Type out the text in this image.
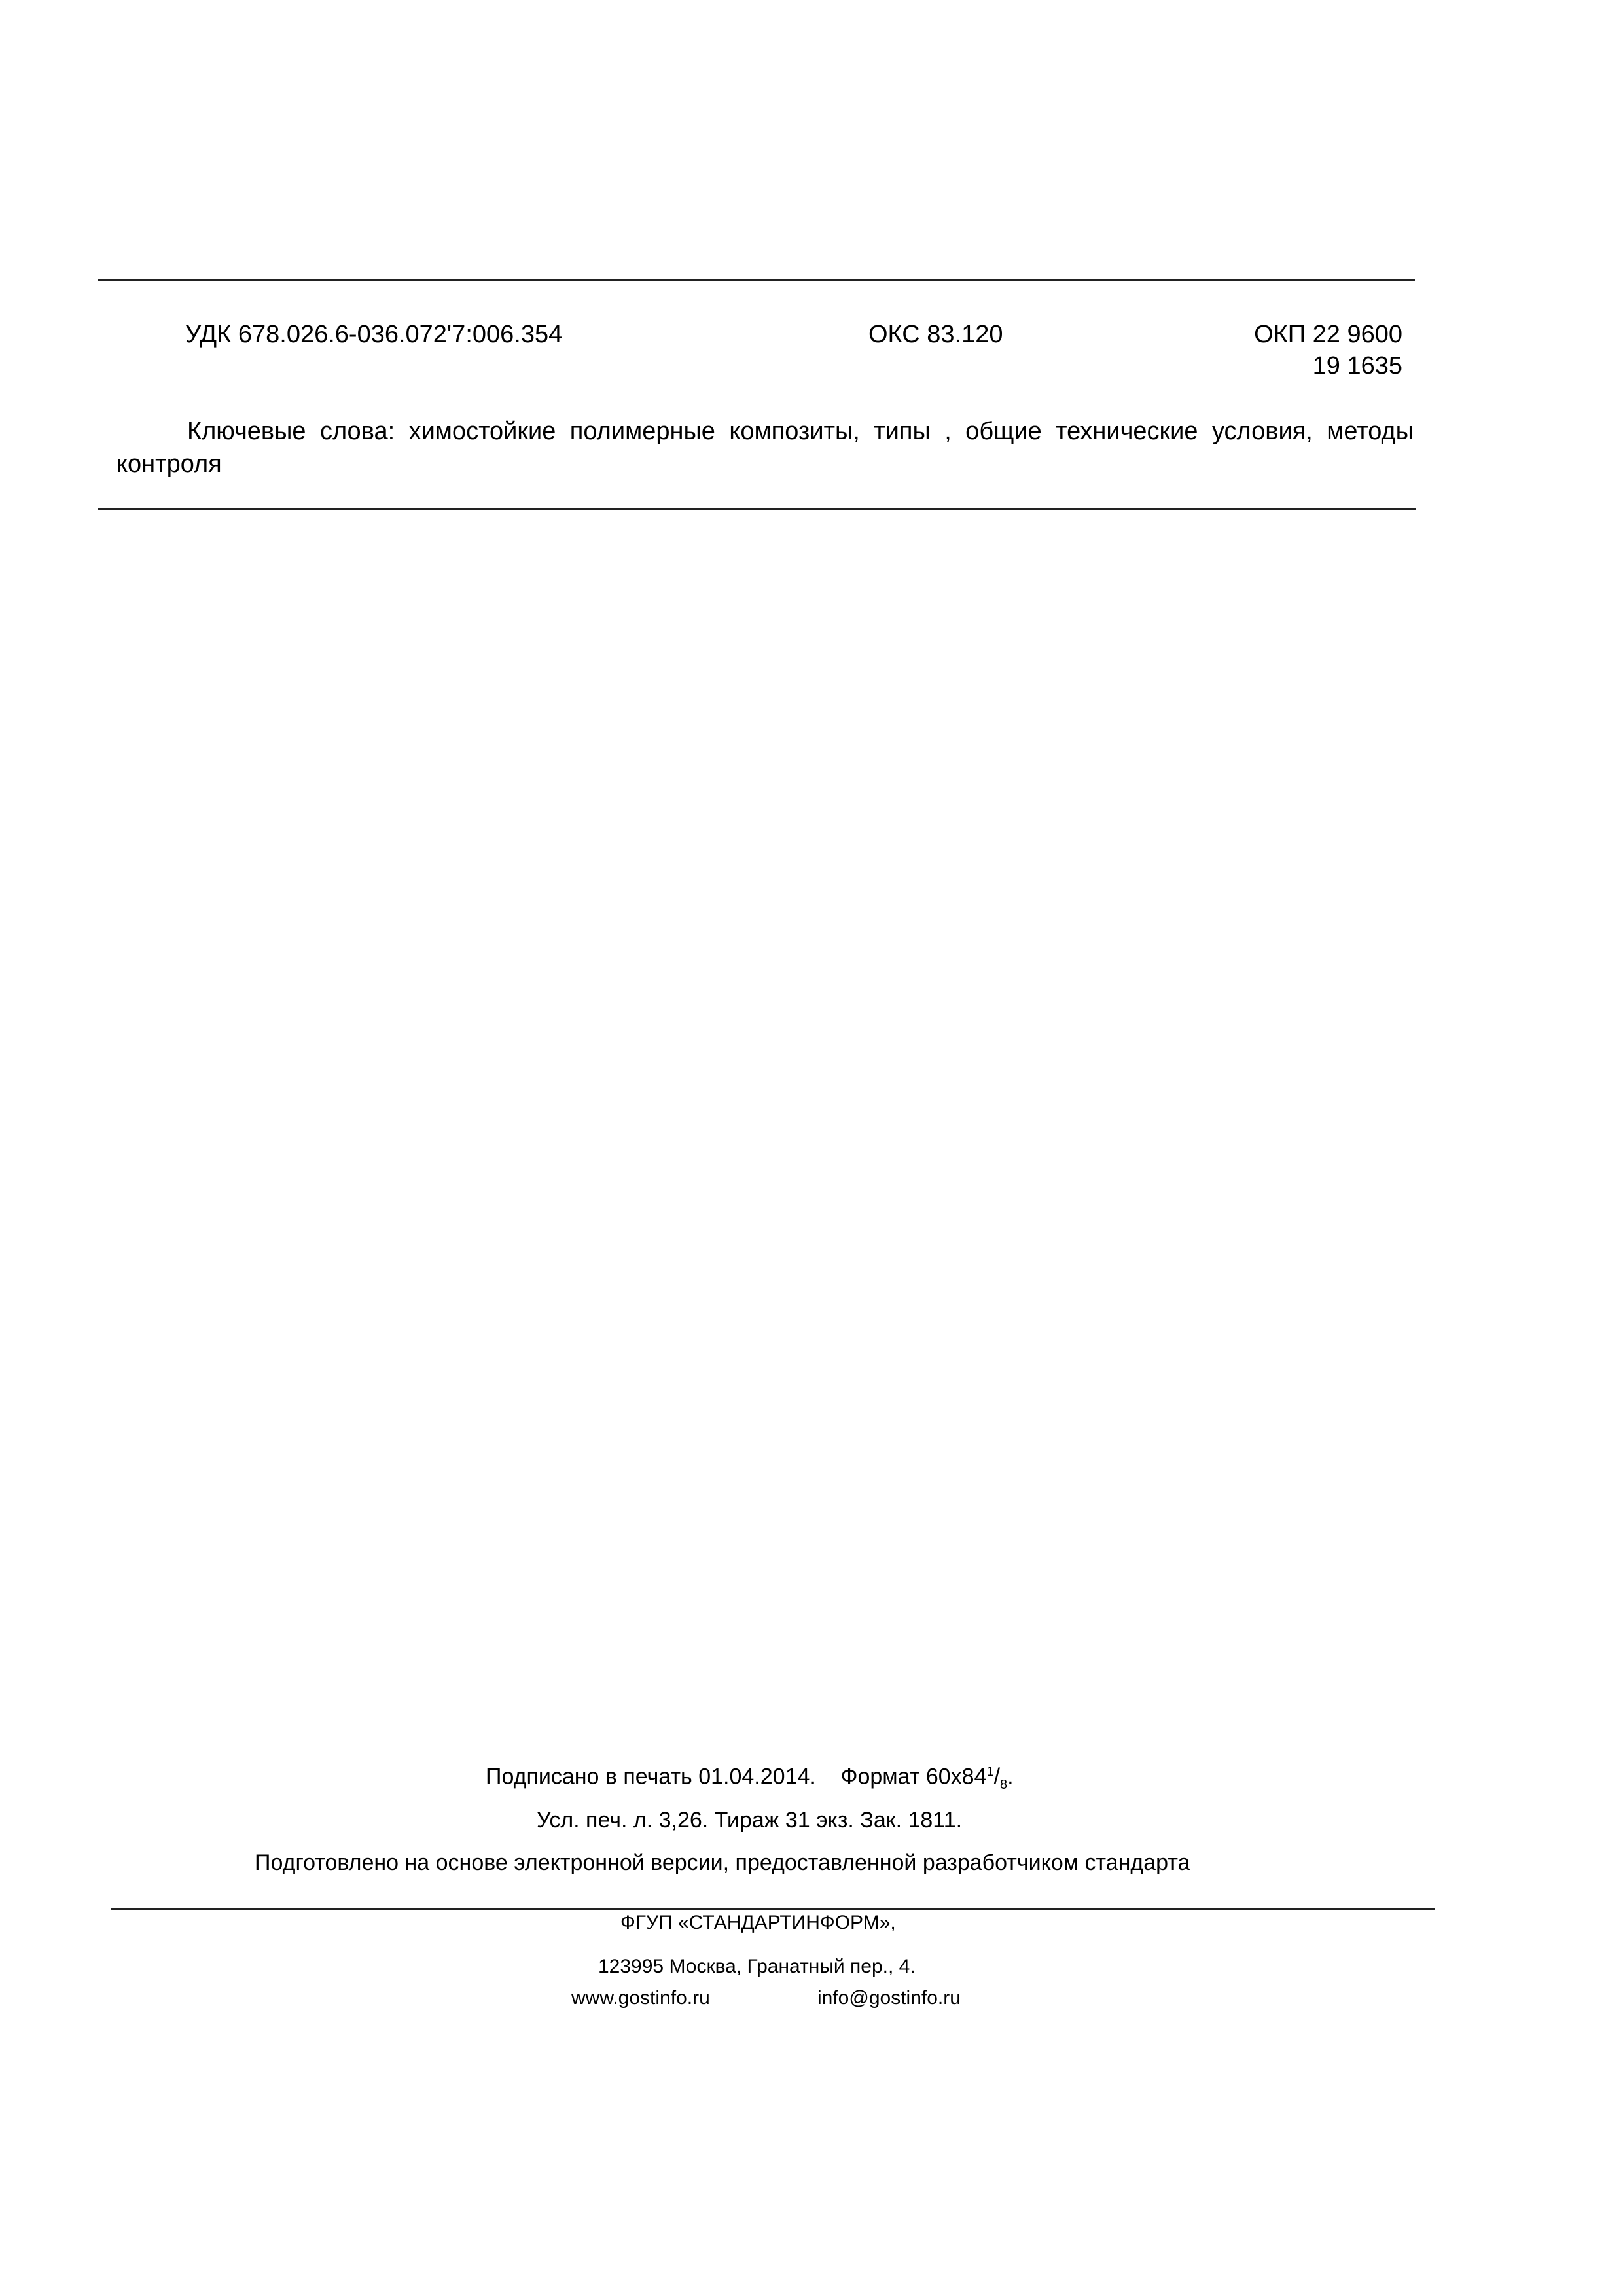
УДК 678.026.6-036.072'7:006.354	ОКС 83.120	ОКП 22 9600
19 1635
Ключевые слова: химостойкие полимерные композиты, типы , общие технические условия, методы контроля
Подписано в печать 01.04.2014. Формат $60x84^1/_8$.
Усл. печ. л. 3,26. Тираж 31 экз. Зак. 1811.
Подготовлено на основе электронной версии, предоставленной разработчиком стандарта
ФГУП «СТАНДАРТИНФОРМ»,
123995 Москва, Гранатный пер., 4.
www.gostinfo.ru	info@gostinfo.ru
